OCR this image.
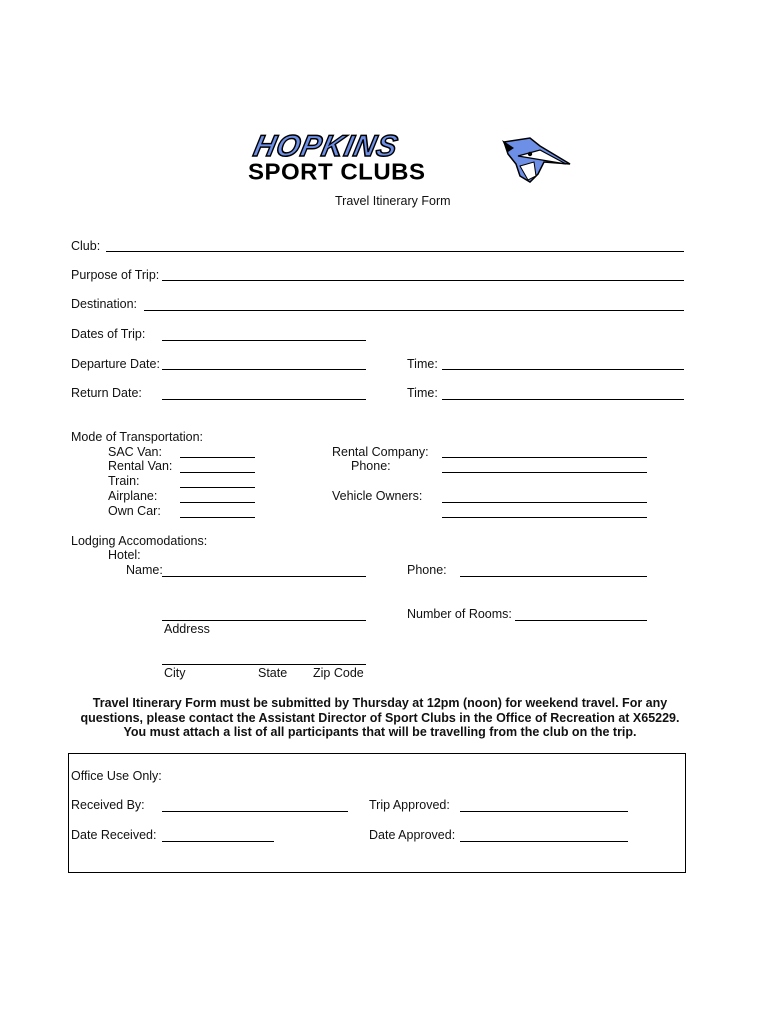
HOPKINS
SPORT CLUBS
Travel Itinerary Form
Club:
Purpose of Trip:
Destination:
Dates of Trip:
Departure Date:	Time:
Return Date:	Time:
Mode of Transportation:
SAC Van:
Rental Van:
Train:
Airplane:
Own Car:
Rental Company:
Phone:
Vehicle Owners:
Lodging Accomodations:
Hotel:
Name:	Phone:
Address
Number of Rooms:
City	State Zip Code
Travel Itinerary Form must be submitted by Thursday at 12pm (noon) for weekend travel. For any
questions, please contact the Assistant Director of Sport Clubs in the Office of Recreation at X65229.
You must attach a list of all participants that will be travelling from the club on the trip.
Office Use Only:
Received By:	Trip Approved:
Date Received:	Date Approved:
